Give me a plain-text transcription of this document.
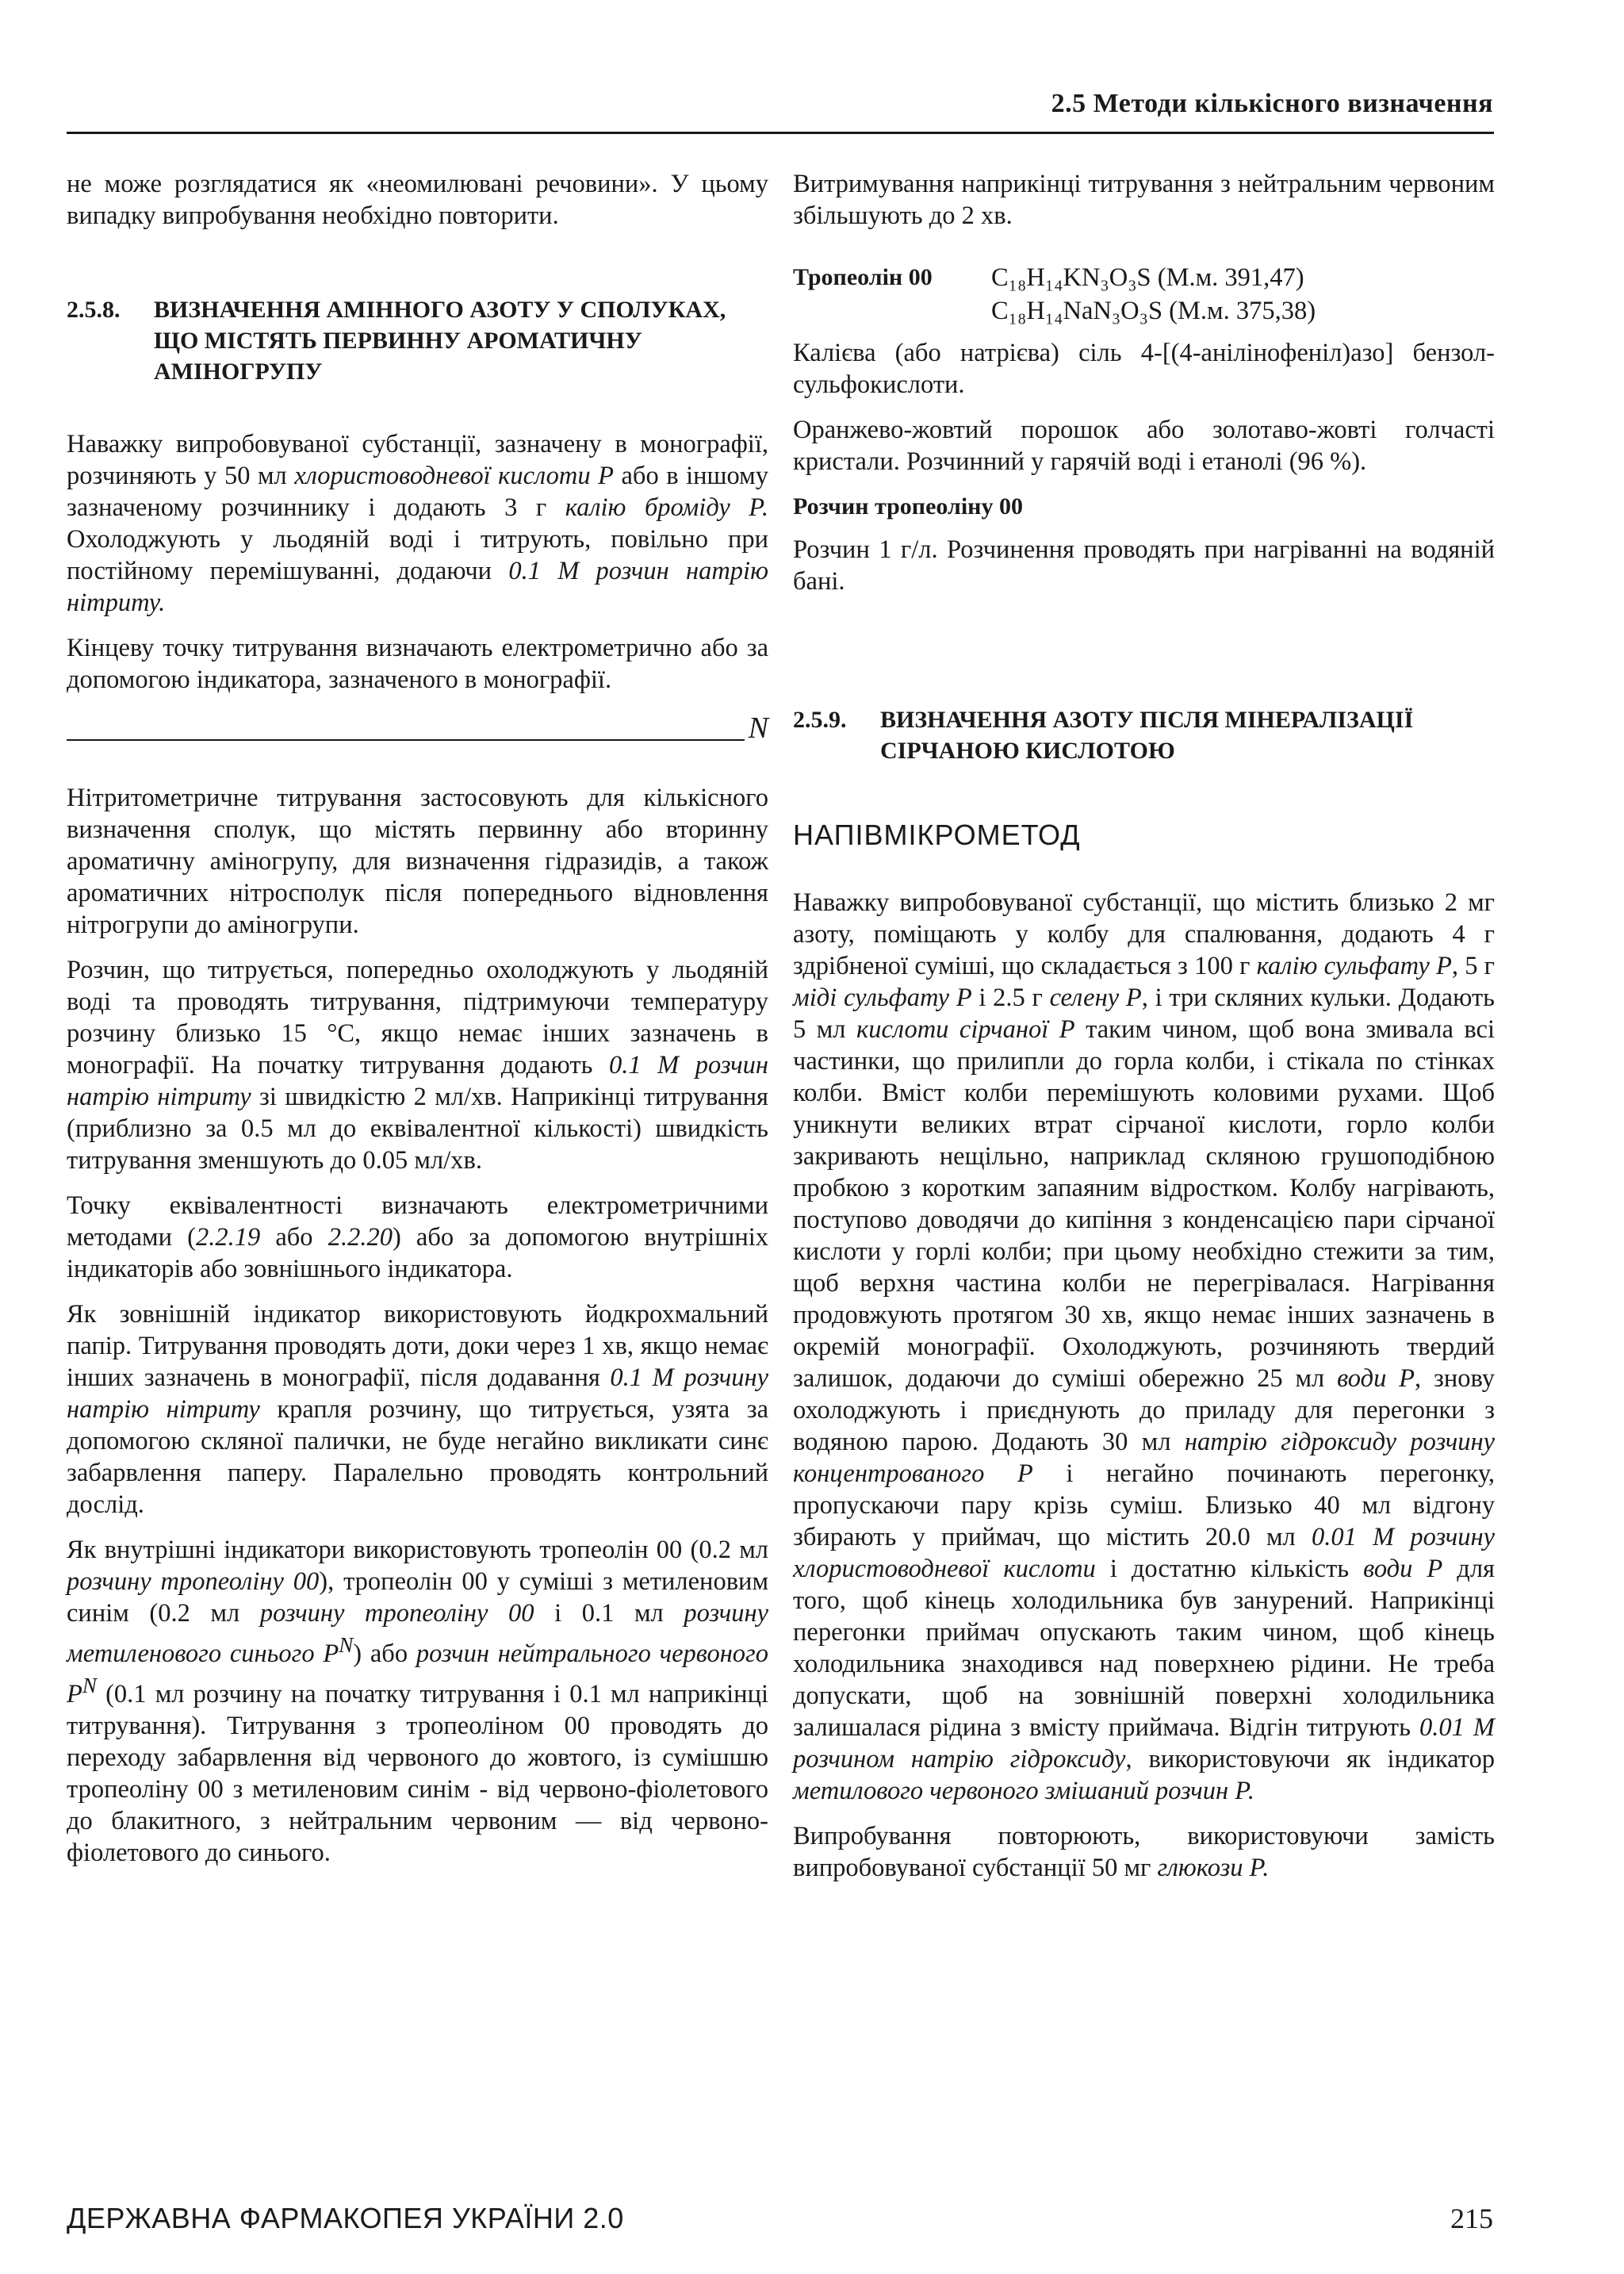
2.5 Методи кількісного визначення

не може розглядатися як «неомилювані речовини». У цьому випадку випробування необхідно повторити.

2.5.8.	ВИЗНАЧЕННЯ АМІННОГО АЗОТУ У СПОЛУКАХ, ЩО МІСТЯТЬ ПЕРВИННУ АРОМАТИЧНУ АМІНОГРУПУ

Наважку випробовуваної субстанції, зазначену в монографії, розчиняють у 50 мл хлористоводневої кислоти Р або в іншому зазначеному розчиннику і додають 3 г калію броміду Р. Охолоджують у льодяній воді і титрують, повільно при постійному перемішуванні, додаючи 0.1 М розчин натрію нітриту.

Кінцеву точку титрування визначають електрометрично або за допомогою індикатора, зазначеного в монографії.

N

Нітритометричне титрування застосовують для кількісного визначення сполук, що містять первинну або вторинну ароматичну аміногрупу, для визначення гідразидів, а також ароматичних нітросполук після попереднього відновлення нітрогрупи до аміногрупи.

Розчин, що титрується, попередньо охолоджують у льодяній воді та проводять титрування, підтримуючи температуру розчину близько 15 °C, якщо немає інших зазначень в монографії. На початку титрування додають 0.1 М розчин натрію нітриту зі швидкістю 2 мл/хв. Наприкінці титрування (приблизно за 0.5 мл до еквівалентної кількості) швидкість титрування зменшують до 0.05 мл/хв.

Точку еквівалентності визначають електрометричними методами (2.2.19 або 2.2.20) або за допомогою внутрішніх індикаторів або зовнішнього індикатора.

Як зовнішній індикатор використовують йодкрохмальний папір. Титрування проводять доти, доки через 1 хв, якщо немає інших зазначень в монографії, після додавання 0.1 М розчину натрію нітриту крапля розчину, що титрується, узята за допомогою скляної палички, не буде негайно викликати синє забарвлення паперу. Паралельно проводять контрольний дослід.

Як внутрішні індикатори використовують тропеолін 00 (0.2 мл розчину тропеоліну 00), тропеолін 00 у суміші з метиленовим синім (0.2 мл розчину тропеоліну 00 і 0.1 мл розчину метиленового синього $Р^N$) або розчин нейтрального червоного $Р^N$ (0.1 мл розчину на початку титрування і 0.1 мл наприкінці титрування). Титрування з тропеоліном 00 проводять до переходу забарвлення від червоного до жовтого, із сумішшю тропеоліну 00 з метиленовим синім - від червоно-фіолетового до блакитного, з нейтральним червоним — від червоно-фіолетового до синього.

Витримування наприкінці титрування з нейтральним червоним збільшують до 2 хв.

Тропеолін 00	C₁₈H₁₄KN₃O₃S (М.м. 391,47)
C₁₈H₁₄NaN₃O₃S (М.м. 375,38)

Калієва (або натрієва) сіль 4-[(4-анілінофеніл)азо] бензол-сульфокислоти.

Оранжево-жовтий порошок або золотаво-жовті голчасті кристали. Розчинний у гарячій воді і етанолі (96 %).

Розчин тропеоліну 00

Розчин 1 г/л. Розчинення проводять при нагріванні на водяній бані.

2.5.9.	ВИЗНАЧЕННЯ АЗОТУ ПІСЛЯ МІНЕРАЛІЗАЦІЇ СІРЧАНОЮ КИСЛОТОЮ
НАПІВМІКРОМЕТОД

Наважку випробовуваної субстанції, що містить близько 2 мг азоту, поміщають у колбу для спалювання, додають 4 г здрібненої суміші, що складається з 100 г калію сульфату Р, 5 г міді сульфату Р і 2.5 г селену Р, і три скляних кульки. Додають 5 мл кислоти сірчаної Р таким чином, щоб вона змивала всі частинки, що прилипли до горла колби, і стікала по стінках колби. Вміст колби перемішують коловими рухами. Щоб уникнути великих втрат сірчаної кислоти, горло колби закривають нещільно, наприклад скляною грушоподібною пробкою з коротким запаяним відростком. Колбу нагрівають, поступово доводячи до кипіння з конденсацією пари сірчаної кислоти у горлі колби; при цьому необхідно стежити за тим, щоб верхня частина колби не перегрівалася. Нагрівання продовжують протягом 30 хв, якщо немає інших зазначень в окремій монографії. Охолоджують, розчиняють твердий залишок, додаючи до суміші обережно 25 мл води Р, знову охолоджують і приєднують до приладу для перегонки з водяною парою. Додають 30 мл натрію гідроксиду розчину концентрованого Р і негайно починають перегонку, пропускаючи пару крізь суміш. Близько 40 мл відгону збирають у приймач, що містить 20.0 мл 0.01 М розчину хлористоводневої кислоти і достатню кількість води Р для того, щоб кінець холодильника був занурений. Наприкінці перегонки приймач опускають таким чином, щоб кінець холодильника знаходився над поверхнею рідини. Не треба допускати, щоб на зовнішній поверхні холодильника залишалася рідина з вмісту приймача. Відгін титрують 0.01 М розчином натрію гідроксиду, використовуючи як індикатор метилового червоного змішаний розчин Р.

Випробування повторюють, використовуючи замість випробовуваної субстанції 50 мг глюкози Р.

ДЕРЖАВНА ФАРМАКОПЕЯ УКРАЇНИ 2.0	215
